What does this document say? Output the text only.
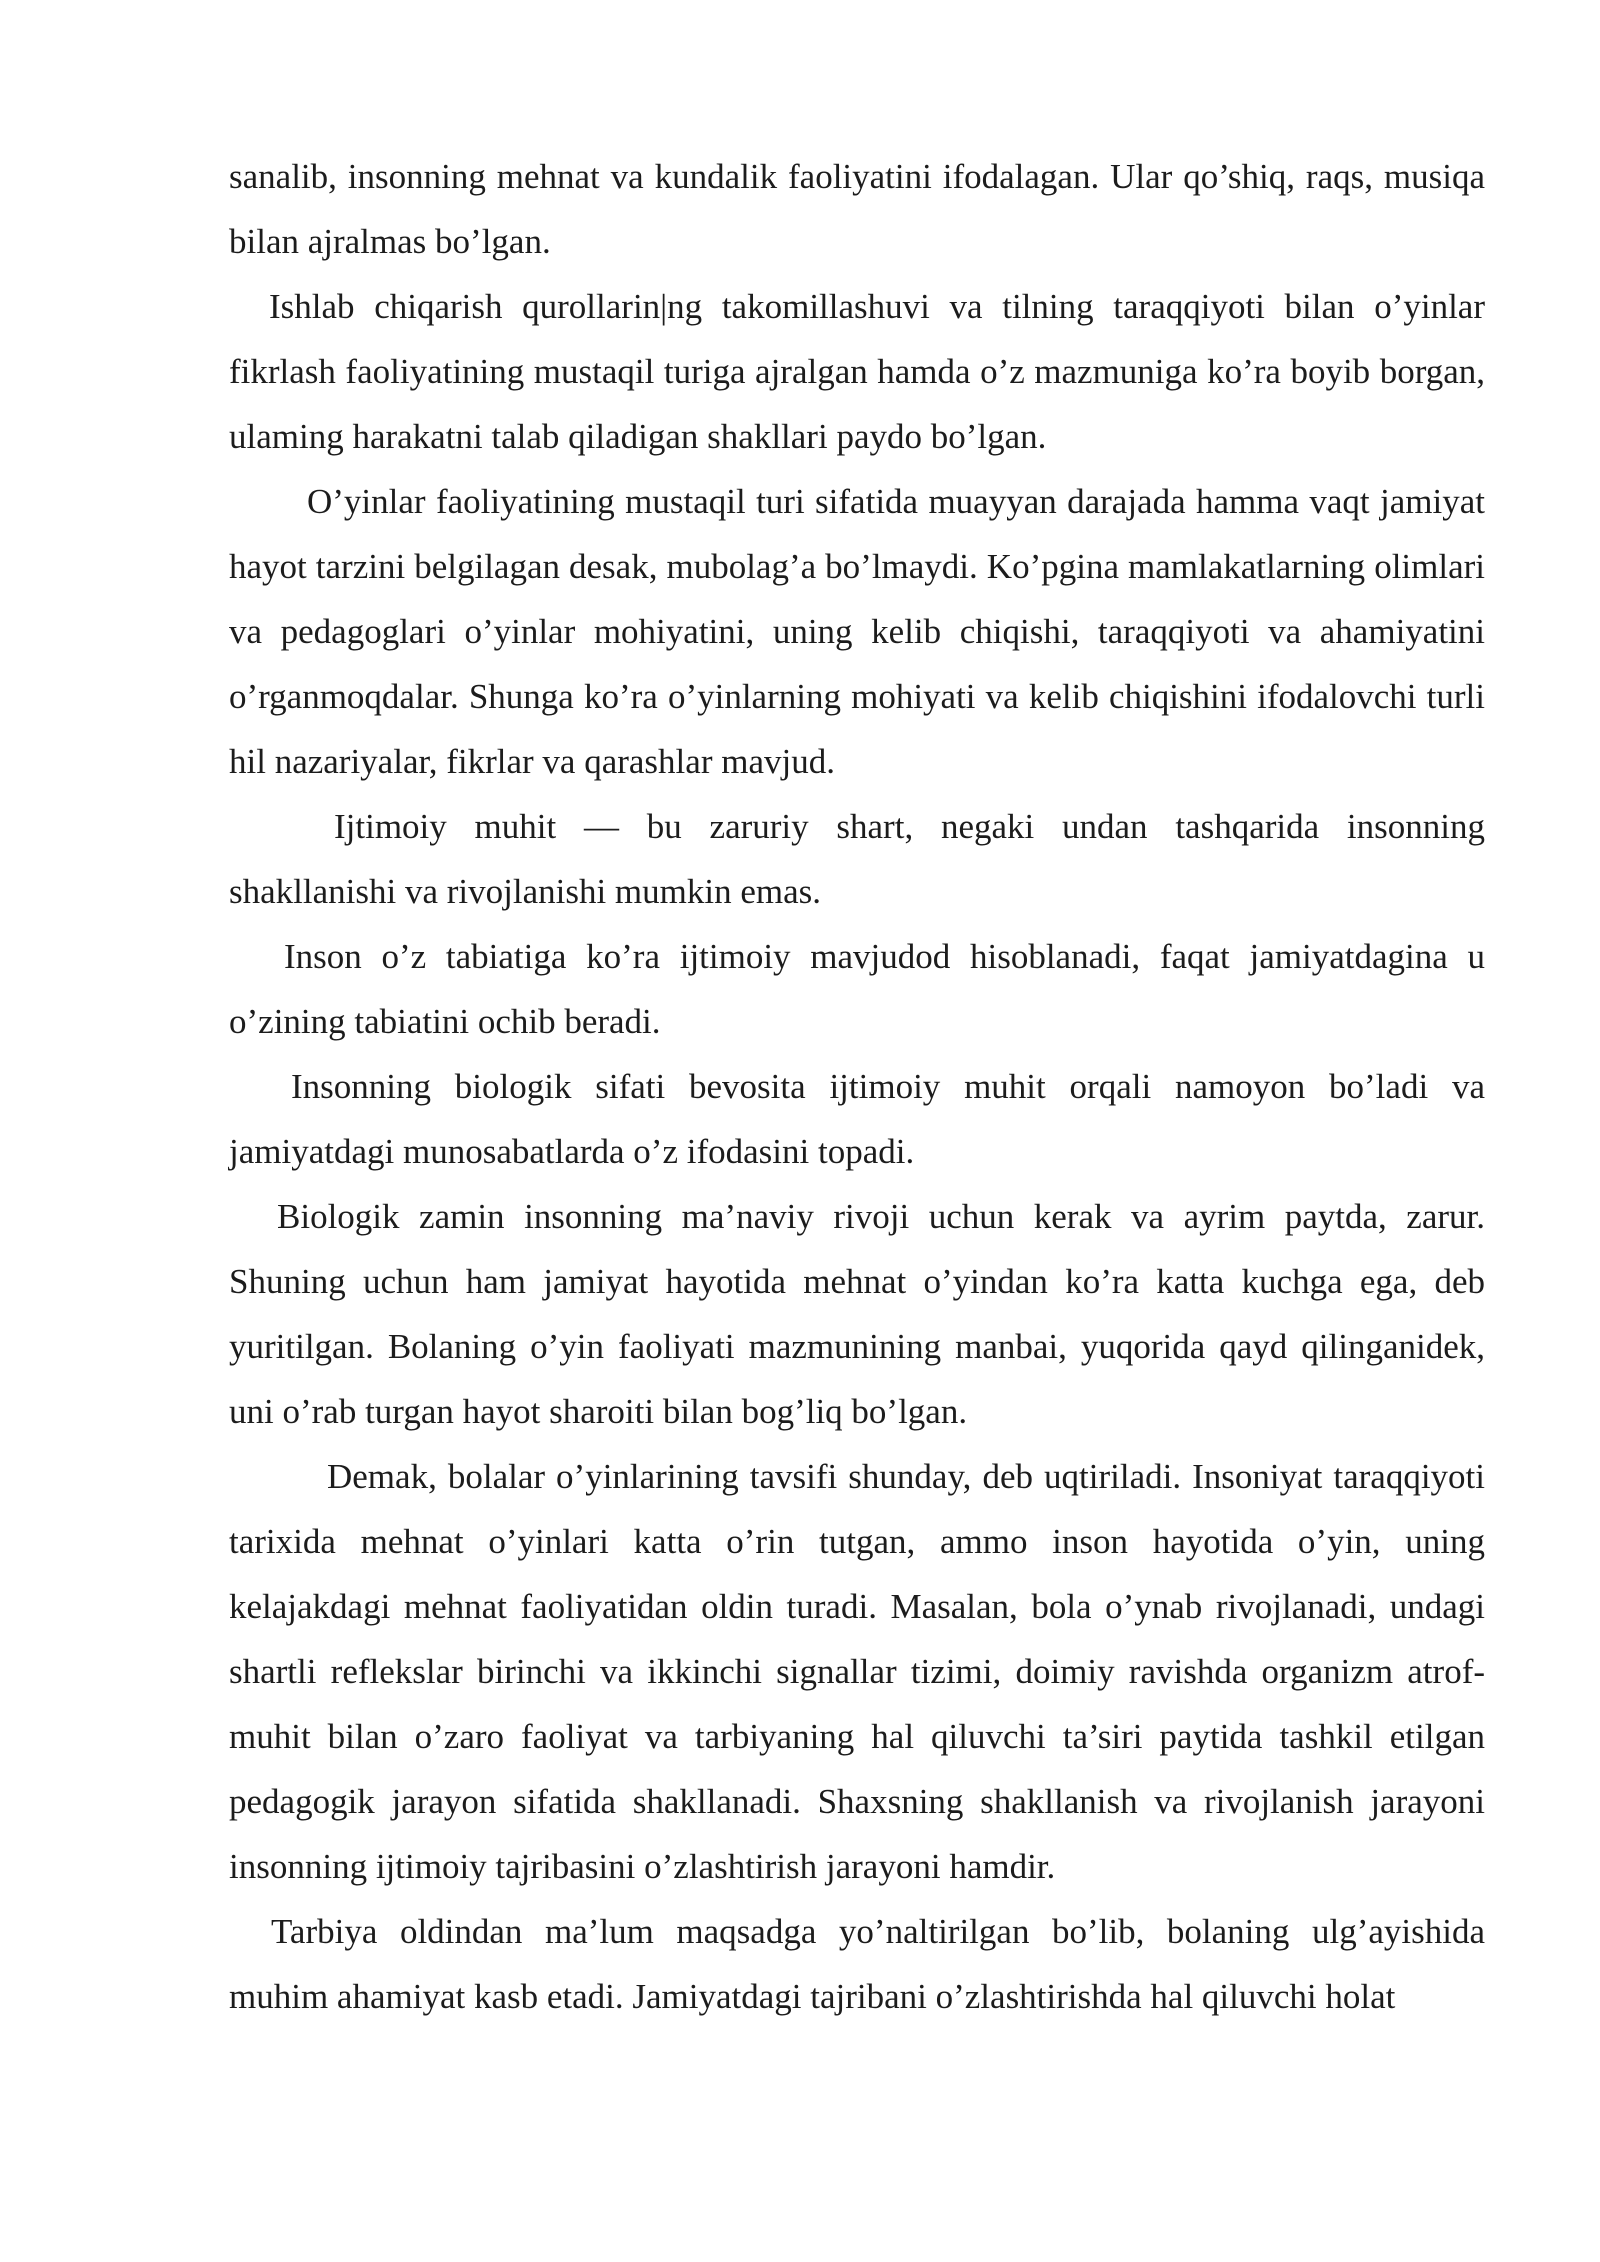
sanalib, insonning mehnat va kundalik faoliyatini ifodalagan. Ular qo’shiq, raqs, musiqa bilan ajralmas bo’lgan.

Ishlab chiqarish qurollarin|ng takomillashuvi va tilning taraqqiyoti bilan o’yinlar fikrlash faoliyatining mustaqil turiga ajralgan hamda o’z mazmuniga ko’ra boyib borgan, ulaming harakatni talab qiladigan shakllari paydo bo’lgan.

O’yinlar faoliyatining mustaqil turi sifatida muayyan darajada hamma vaqt jamiyat hayot tarzini belgilagan desak, mubolag’a bo’lmaydi. Ko’pgina mamlakatlarning olimlari va pedagoglari o’yinlar mohiyatini, uning kelib chiqishi, taraqqiyoti va ahamiyatini o’rganmoqdalar. Shunga ko’ra o’yinlarning mohiyati va kelib chiqishini ifodalovchi turli hil nazariyalar, fikrlar va qarashlar mavjud.

Ijtimoiy muhit — bu zaruriy shart, negaki undan tashqarida insonning shakllanishi va rivojlanishi mumkin emas.

Inson o’z tabiatiga ko’ra ijtimoiy mavjudod hisoblanadi, faqat jamiyatdagina u o’zining tabiatini ochib beradi.

Insonning biologik sifati bevosita ijtimoiy muhit orqali namoyon bo’ladi va jamiyatdagi munosabatlarda o’z ifodasini topadi.

Biologik zamin insonning ma’naviy rivoji uchun kerak va ayrim paytda, zarur. Shuning uchun ham jamiyat hayotida mehnat o’yindan ko’ra katta kuchga ega, deb yuritilgan. Bolaning o’yin faoliyati mazmunining manbai, yuqorida qayd qilinganidek, uni o’rab turgan hayot sharoiti bilan bog’liq bo’lgan.

Demak, bolalar o’yinlarining tavsifi shunday, deb uqtiriladi. Insoniyat taraqqiyoti tarixida mehnat o’yinlari katta o’rin tutgan, ammo inson hayotida o’yin, uning kelajakdagi mehnat faoliyatidan oldin turadi. Masalan, bola o’ynab rivojlanadi, undagi shartli reflekslar birinchi va ikkinchi signallar tizimi, doimiy ravishda organizm atrof-muhit bilan o’zaro faoliyat va tarbiyaning hal qiluvchi ta’siri paytida tashkil etilgan pedagogik jarayon sifatida shakllanadi. Shaxsning shakllanish va rivojlanish jarayoni insonning ijtimoiy tajribasini o’zlashtirish jarayoni hamdir.

Tarbiya oldindan ma’lum maqsadga yo’naltirilgan bo’lib, bolaning ulg’ayishida muhim ahamiyat kasb etadi. Jamiyatdagi tajribani o’zlashtirishda hal qiluvchi holat
